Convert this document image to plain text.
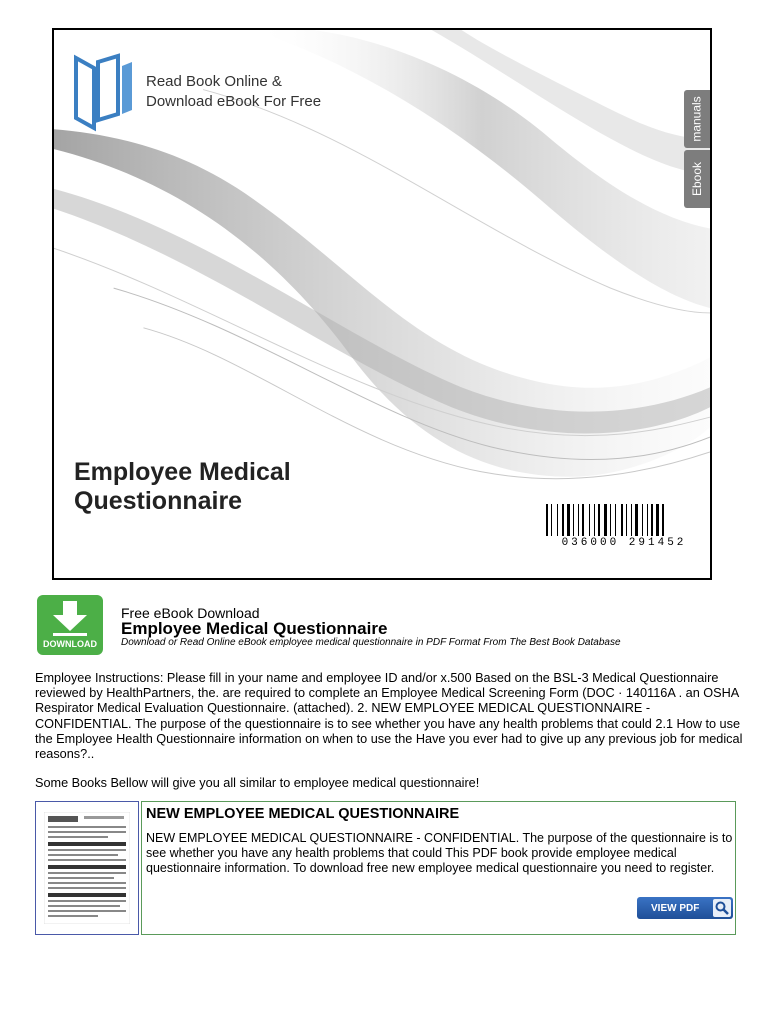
Read Book Online &
Download eBook For Free	manuals
Ebook
Employee Medical
Questionnaire
036000 291452
DOWNLOAD
Free eBook Download
Employee Medical Questionnaire
Download or Read Online eBook employee medical questionnaire in PDF Format From The Best Book Database
Employee Instructions: Please fill in your name and employee ID and/or x.500 Based on the BSL-3 Medical Questionnaire reviewed by HealthPartners, the. are required to complete an Employee Medical Screening Form (DOC · 140116A . an OSHA Respirator Medical Evaluation Questionnaire. (attached). 2. NEW EMPLOYEE MEDICAL QUESTIONNAIRE - CONFIDENTIAL. The purpose of the questionnaire is to see whether you have any health problems that could 2.1 How to use the Employee Health Questionnaire information on when to use the Have you ever had to give up any previous job for medical reasons?..
Some Books Bellow will give you all similar to employee medical questionnaire!
NEW EMPLOYEE MEDICAL QUESTIONNAIRE
NEW EMPLOYEE MEDICAL QUESTIONNAIRE - CONFIDENTIAL. The purpose of the questionnaire is to see whether you have any health problems that could This PDF book provide employee medical questionnaire information. To download free new employee medical questionnaire you need to register.
VIEW PDF
